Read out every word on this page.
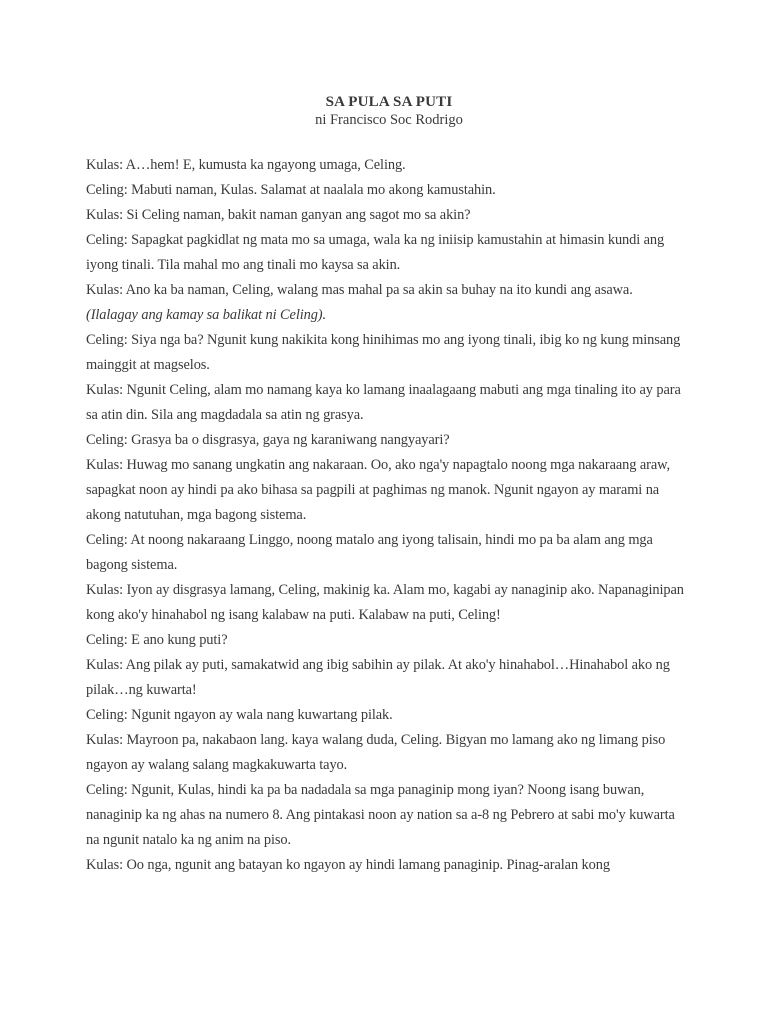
SA PULA SA PUTI

ni Francisco Soc Rodrigo

Kulas: A…hem! E, kumusta ka ngayong umaga, Celing.

Celing: Mabuti naman, Kulas. Salamat at naalala mo akong kamustahin.

Kulas: Si Celing naman, bakit naman ganyan ang sagot mo sa akin?

Celing: Sapagkat pagkidlat ng mata mo sa umaga, wala ka ng iniisip kamustahin at himasin kundi ang iyong tinali. Tila mahal mo ang tinali mo kaysa sa akin.

Kulas: Ano ka ba naman, Celing, walang mas mahal pa sa akin sa buhay na ito kundi ang asawa.

(Ilalagay ang kamay sa balikat ni Celing).

Celing: Siya nga ba? Ngunit kung nakikita kong hinihimas mo ang iyong tinali, ibig ko ng kung minsang mainggit at magselos.

Kulas: Ngunit Celing, alam mo namang kaya ko lamang inaalagaang mabuti ang mga tinaling ito ay para sa atin din. Sila ang magdadala sa atin ng grasya.

Celing: Grasya ba o disgrasya, gaya ng karaniwang nangyayari?

Kulas: Huwag mo sanang ungkatin ang nakaraan. Oo, ako nga'y napagtalo noong mga nakaraang araw, sapagkat noon ay hindi pa ako bihasa sa pagpili at paghimas ng manok. Ngunit ngayon ay marami na akong natutuhan, mga bagong sistema.

Celing: At noong nakaraang Linggo, noong matalo ang iyong talisain, hindi mo pa ba alam ang mga bagong sistema.

Kulas: Iyon ay disgrasya lamang, Celing, makinig ka. Alam mo, kagabi ay nanaginip ako. Napanaginipan kong ako'y hinahabol ng isang kalabaw na puti. Kalabaw na puti, Celing!

Celing: E ano kung puti?

Kulas: Ang pilak ay puti, samakatwid ang ibig sabihin ay pilak. At ako'y hinahabol…Hinahabol ako ng pilak…ng kuwarta!

Celing: Ngunit ngayon ay wala nang kuwartang pilak.

Kulas: Mayroon pa, nakabaon lang. kaya walang duda, Celing. Bigyan mo lamang ako ng limang piso ngayon ay walang salang magkakuwarta tayo.

Celing: Ngunit, Kulas, hindi ka pa ba nadadala sa mga panaginip mong iyan? Noong isang buwan, nanaginip ka ng ahas na numero 8. Ang pintakasi noon ay nation sa a-8 ng Pebrero at sabi mo'y kuwarta na ngunit natalo ka ng anim na piso.

Kulas: Oo nga, ngunit ang batayan ko ngayon ay hindi lamang panaginip. Pinag-aralan kong
